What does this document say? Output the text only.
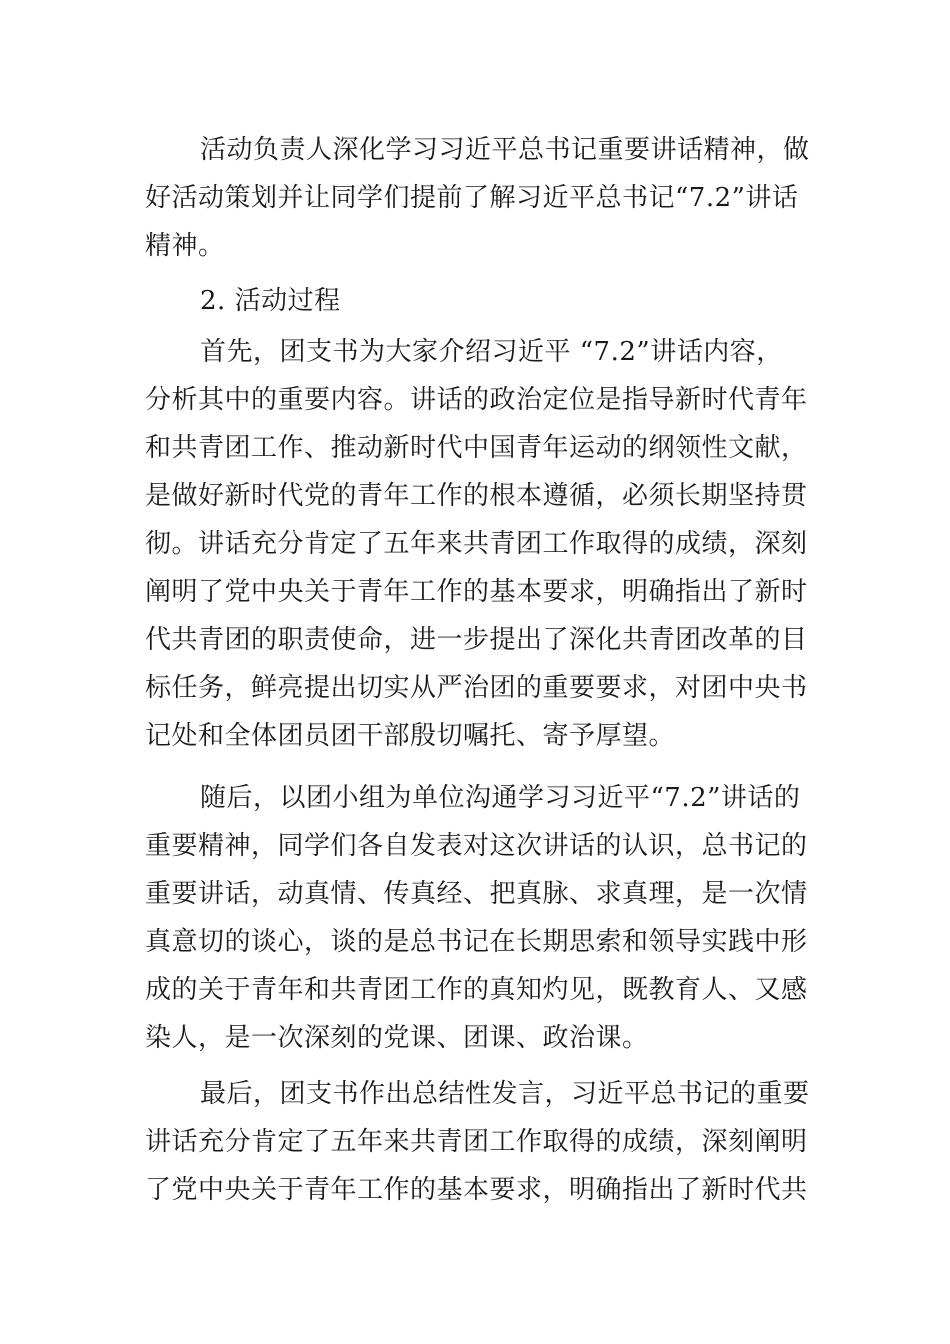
活动负责人深化学习习近平总书记重要讲话精神，做
好活动策划并让同学们提前了解习近平总书记“7.2”讲话
精神。
2. 活动过程
首先，团支书为大家介绍习近平 “7.2”讲话内容，
分析其中的重要内容。讲话的政治定位是指导新时代青年
和共青团工作、推动新时代中国青年运动的纲领性文献，
是做好新时代党的青年工作的根本遵循，必须长期坚持贯
彻。讲话充分肯定了五年来共青团工作取得的成绩，深刻
阐明了党中央关于青年工作的基本要求，明确指出了新时
代共青团的职责使命，进一步提出了深化共青团改革的目
标任务，鲜亮提出切实从严治团的重要要求，对团中央书
记处和全体团员团干部殷切嘱托、寄予厚望。
随后，以团小组为单位沟通学习习近平“7.2”讲话的
重要精神，同学们各自发表对这次讲话的认识，总书记的
重要讲话，动真情、传真经、把真脉、求真理，是一次情
真意切的谈心，谈的是总书记在长期思索和领导实践中形
成的关于青年和共青团工作的真知灼见，既教育人、又感
染人，是一次深刻的党课、团课、政治课。
最后，团支书作出总结性发言，习近平总书记的重要
讲话充分肯定了五年来共青团工作取得的成绩，深刻阐明
了党中央关于青年工作的基本要求，明确指出了新时代共
